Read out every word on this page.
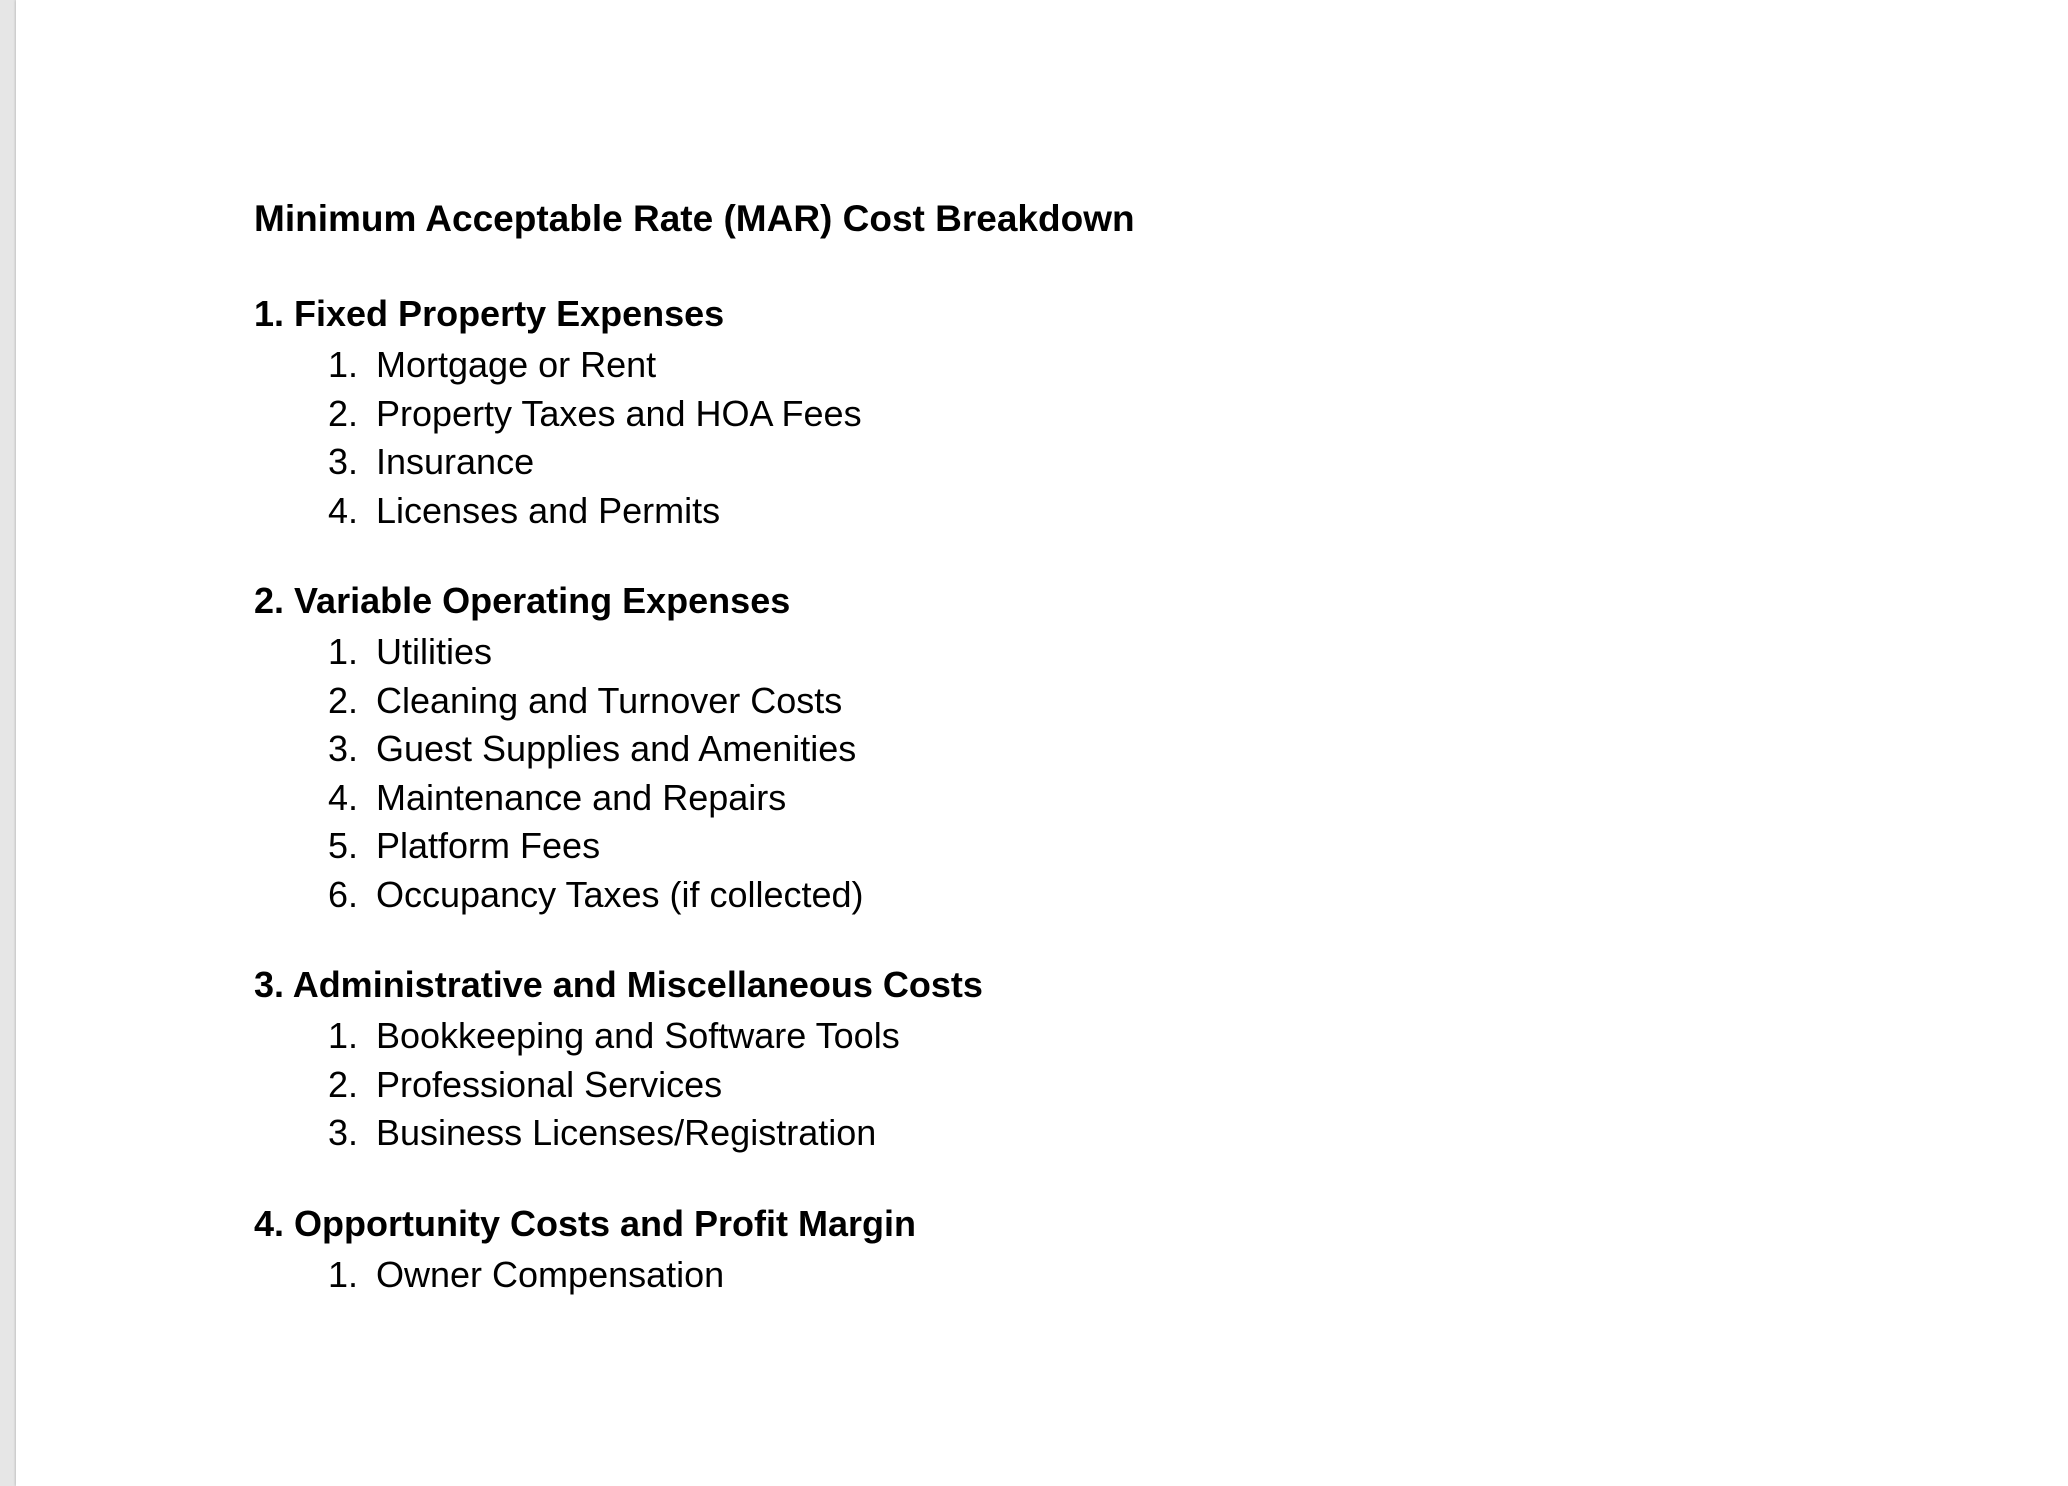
Minimum Acceptable Rate (MAR) Cost Breakdown

1. Fixed Property Expenses

1. Mortgage or Rent
2. Property Taxes and HOA Fees
3. Insurance
4. Licenses and Permits

2. Variable Operating Expenses

1. Utilities
2. Cleaning and Turnover Costs
3. Guest Supplies and Amenities
4. Maintenance and Repairs
5. Platform Fees
6. Occupancy Taxes (if collected)

3. Administrative and Miscellaneous Costs

1. Bookkeeping and Software Tools
2. Professional Services
3. Business Licenses/Registration

4. Opportunity Costs and Profit Margin

1. Owner Compensation
